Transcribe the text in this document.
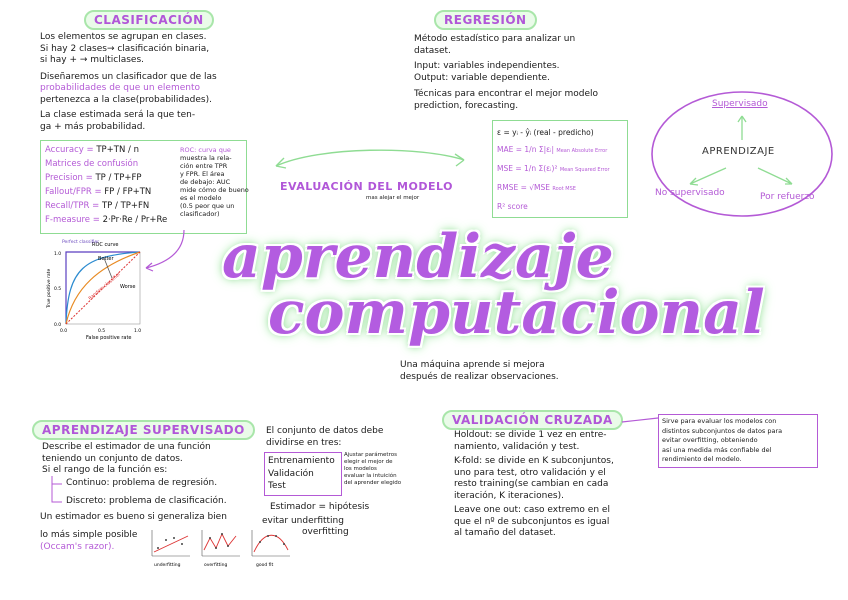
CLASIFICACIÓN
Los elementos se agrupan en clases.
Si hay 2 clases→ clasificación binaria,
si hay + → multiclases.
Diseñaremos un clasificador que de las
probabilidades de que un elemento
pertenezca a la clase(probabilidades).
La clase estimada será la que ten-
ga + más probabilidad.
Accuracy = TP+TN / n
Matrices de confusión
Precision = TP / TP+FP
Fallout/FPR = FP / FP+TN
Recall/TPR = TP / TP+FN
F-measure = 2·Pr·Re / Pr+Re
ROC: curva que
muestra la rela-
ción entre TPR
y FPR. El área
de debajo: AUC
mide cómo de bueno
es el modelo
(0.5 peor que un
clasificador)
ROC curve
Perfect classifier
Better
Worse
Random classifier
True positive rate
False positive rate
0.0	0.5	1.0
0.0
0.5
1.0
REGRESIÓN
Método estadístico para analizar un
dataset.
Input: variables independientes.
Output: variable dependiente.
Técnicas para encontrar el mejor modelo
prediction, forecasting.
ε = yᵢ - ŷᵢ (real - predicho)
MAE = 1/n Σ|εᵢ| Mean Absolute Error
MSE = 1/n Σ(εᵢ)² Mean Squared Error
RMSE = √MSE Root MSE
R² score
EVALUACIÓN DEL MODELO
mas alejar el mejor
Supervisado
APRENDIZAJE
No supervisado	Por refuerzo
aprendizaje
computacional
Una máquina aprende si mejora
después de realizar observaciones.
APRENDIZAJE SUPERVISADO
Describe el estimador de una función
teniendo un conjunto de datos.
Si el rango de la función es:
Continuo: problema de regresión.
Discreto: problema de clasificación.
Un estimador es bueno si generaliza bien
lo más simple posible
(Occam's razor).
underfitting	overfitting	good fit
El conjunto de datos debe
dividirse en tres:
Entrenamiento
Validación
Test
Ajustar parámetros
elegir el mejor de
los modelos
evaluar la intuición
del aprender elegido
Estimador = hipótesis
evitar underfitting
overfitting
VALIDACIÓN CRUZADA
Holdout: se divide 1 vez en entre-
namiento, validación y test.
K-fold: se divide en K subconjuntos,
uno para test, otro validación y el
resto training(se cambian en cada
iteración, K iteraciones).
Leave one out: caso extremo en el
que el nº de subconjuntos es igual
al tamaño del dataset.
Sirve para evaluar los modelos con
distintos subconjuntos de datos para
evitar overfitting, obteniendo
así una medida más confiable del
rendimiento del modelo.
